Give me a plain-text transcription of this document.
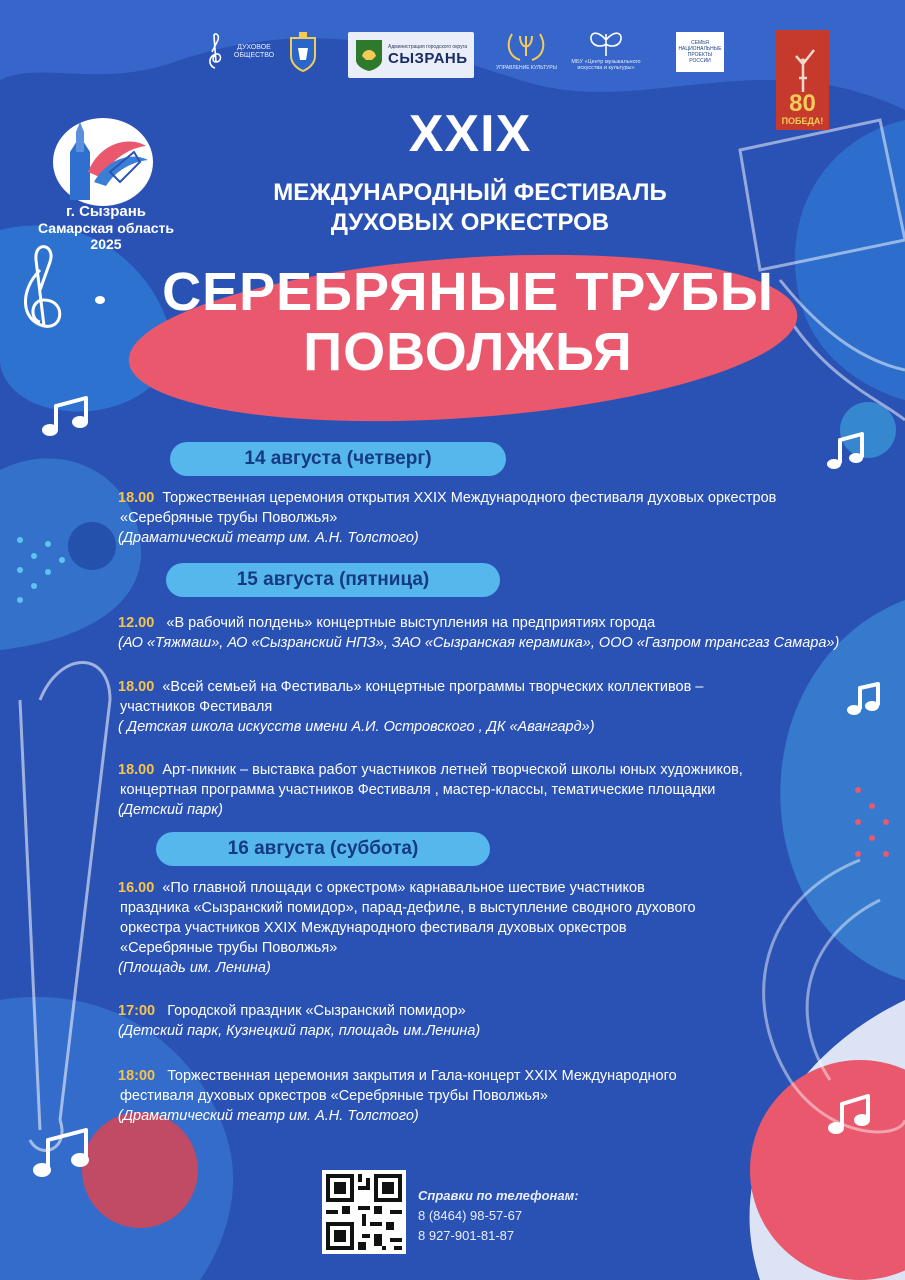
ДУХОВОЕ ОБЩЕСТВО
Администрация городского округа
СЫЗРАНЬ
УПРАВЛЕНИЕ КУЛЬТУРЫ
МБУ «Центр музыкального искусства и культуры»
СЕМЬЯ НАЦИОНАЛЬНЫЕ ПРОЕКТЫ РОССИИ
80
ПОБЕДА!
г. Сызрань
Самарская область
2025
XXIX
МЕЖДУНАРОДНЫЙ ФЕСТИВАЛЬ
ДУХОВЫХ ОРКЕСТРОВ
СЕРЕБРЯНЫЕ ТРУБЫ
ПОВОЛЖЬЯ
14 августа (четверг)
18.00 Торжественная церемония открытия XXIX Международного фестиваля духовых оркестров
«Серебряные трубы Поволжья»
(Драматический театр им. А.Н. Толстого)
15 августа (пятница)
12.00 «В рабочий полдень» концертные выступления на предприятиях города
(АО «Тяжмаш», АО «Сызранский НПЗ», ЗАО «Сызранская керамика», ООО «Газпром трансгаз Самара»)
18.00 «Всей семьей на Фестиваль» концертные программы творческих коллективов –
участников Фестиваля
( Детская школа искусств имени А.И. Островского , ДК «Авангард»)
18.00 Арт-пикник – выставка работ участников летней творческой школы юных художников,
концертная программа участников Фестиваля , мастер-классы, тематические площадки
(Детский парк)
16 августа (суббота)
16.00 «По главной площади с оркестром» карнавальное шествие участников
праздника «Сызранский помидор», парад-дефиле, в выступление сводного духового
оркестра участников XXIX Международного фестиваля духовых оркестров
«Серебряные трубы Поволжья»
(Площадь им. Ленина)
17:00 Городской праздник «Сызранский помидор»
(Детский парк, Кузнецкий парк, площадь им.Ленина)
18:00 Торжественная церемония закрытия и Гала-концерт XXIX Международного
фестиваля духовых оркестров «Серебряные трубы Поволжья»
(Драматический театр им. А.Н. Толстого)
Справки по телефонам:
8 (8464) 98-57-67
8 927-901-81-87
